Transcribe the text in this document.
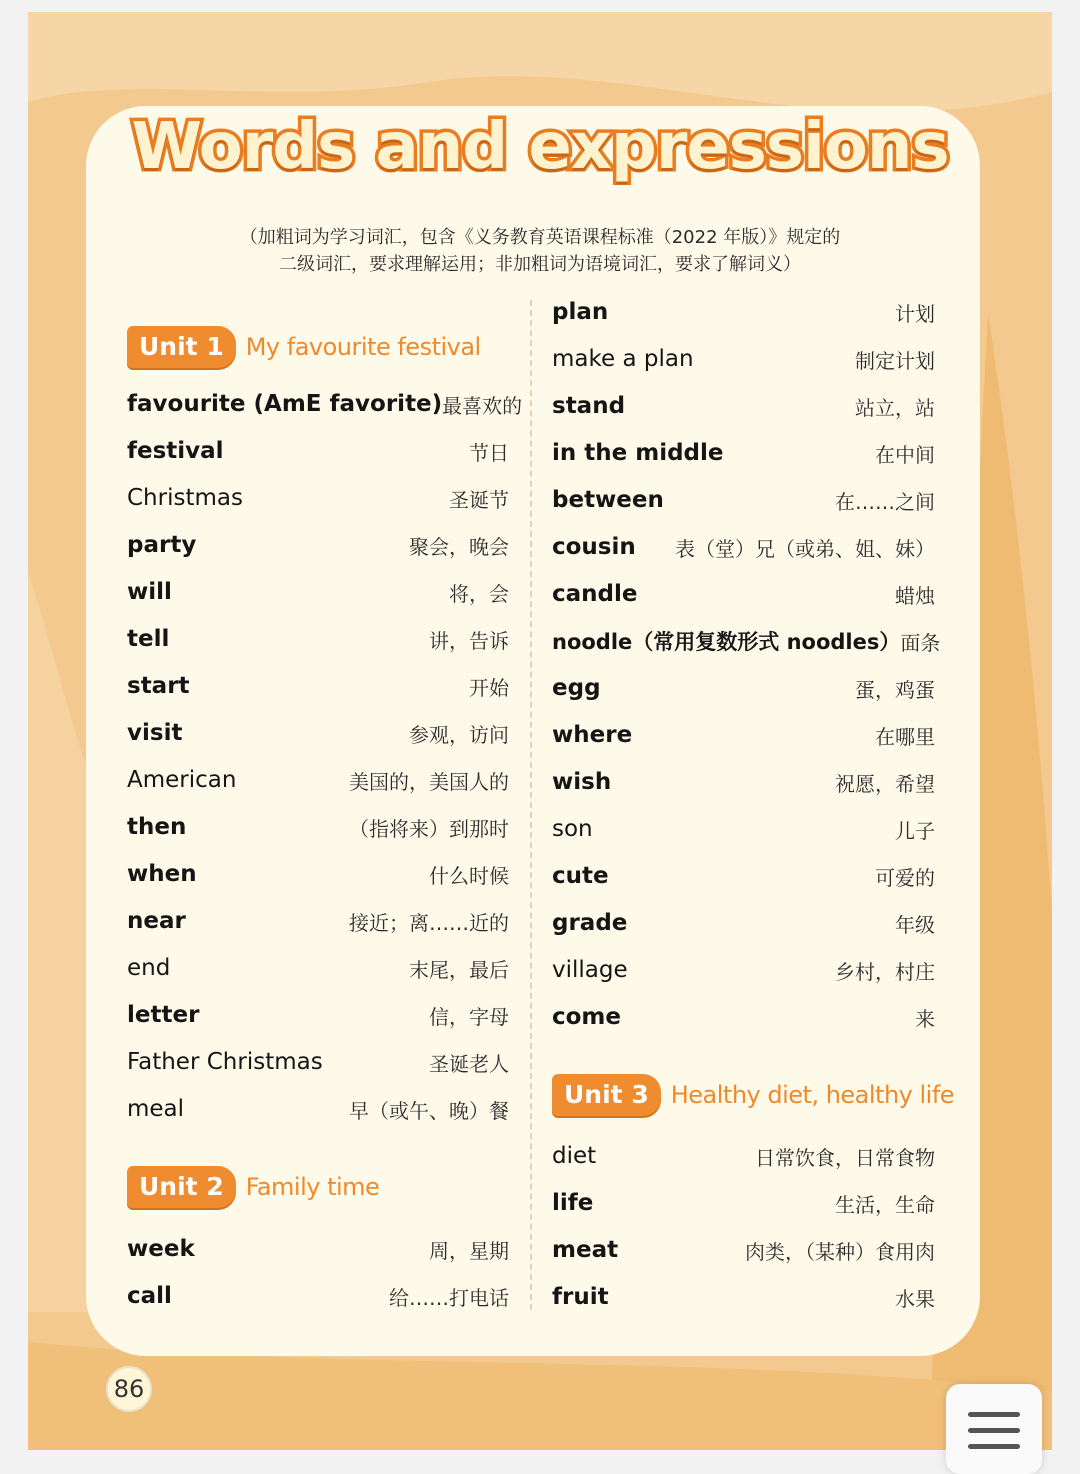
Words and expressions
（加粗词为学习词汇，包含《义务教育英语课程标准（2022 年版）》规定的
二级词汇，要求理解运用；非加粗词为语境词汇，要求了解词义）
Unit 1 My favourite festival
Unit 2 Family time
Unit 3 Healthy diet, healthy life
favourite (AmE favorite) 最喜欢的
festival	节日
Christmas	圣诞节
party	聚会，晚会
will	将，会
tell	讲，告诉
start	开始
visit	参观，访问
American	美国的，美国人的
then	（指将来）到那时
when	什么时候
near	接近；离……近的
end	末尾，最后
letter	信，字母
Father Christmas	圣诞老人
meal	早（或午、晚）餐
week	周，星期
call	给……打电话
plan	计划
make a plan	制定计划
stand	站立，站
in the middle	在中间
between	在……之间
cousin 表（堂）兄（或弟、姐、妹）
candle	蜡烛
noodle（常用复数形式 noodles） 面条
egg	蛋，鸡蛋
where	在哪里
wish	祝愿，希望
son	儿子
cute	可爱的
grade	年级
village	乡村，村庄
come	来
diet	日常饮食，日常食物
life	生活，生命
meat	肉类，（某种）食用肉
fruit	水果
86
